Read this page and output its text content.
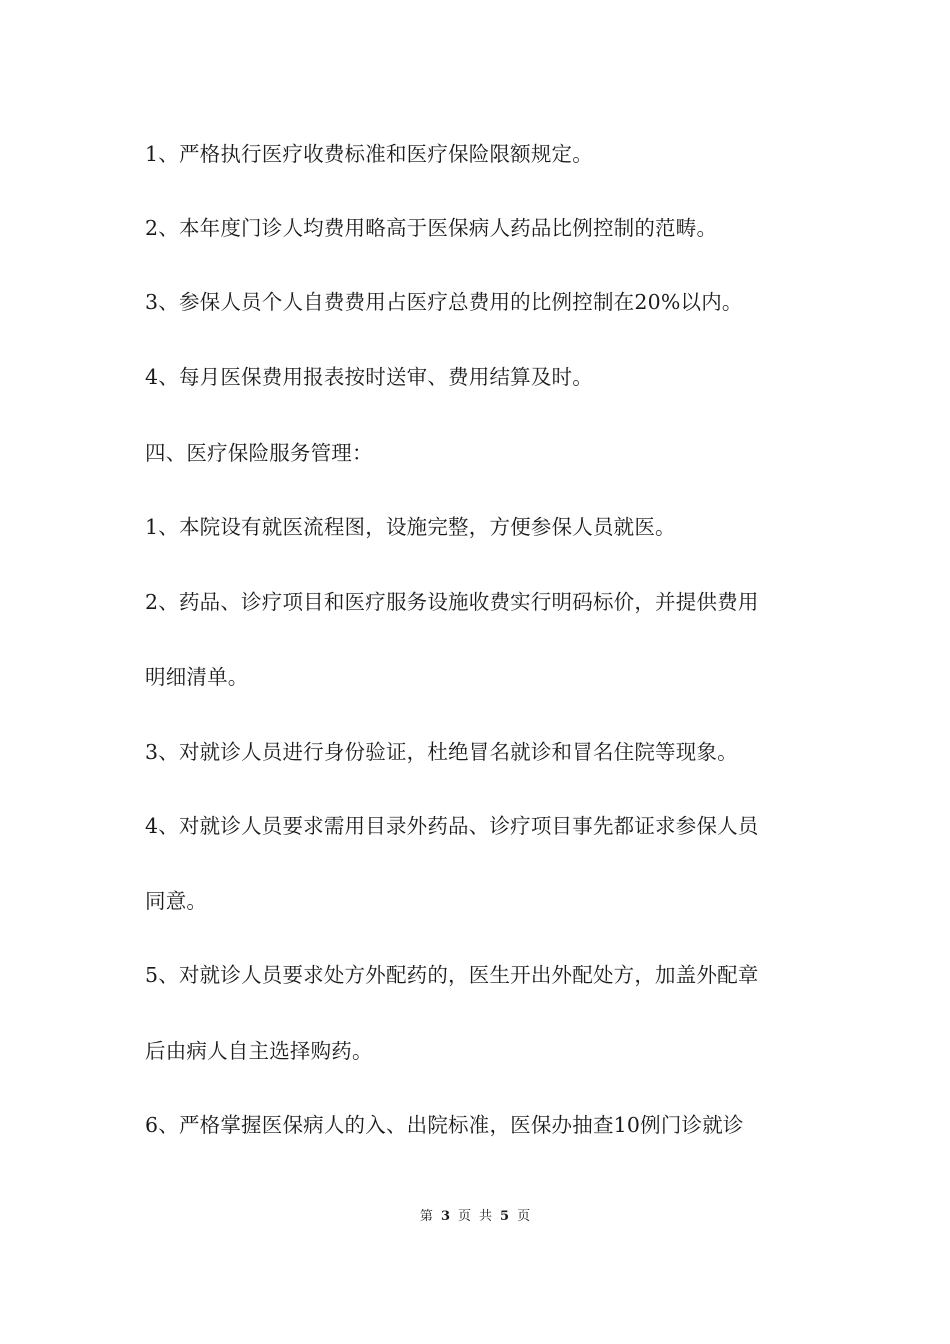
1、严格执行医疗收费标准和医疗保险限额规定。
2、本年度门诊人均费用略高于医保病人药品比例控制的范畴。
3、参保人员个人自费费用占医疗总费用的比例控制在20%以内。
4、每月医保费用报表按时送审、费用结算及时。
四、医疗保险服务管理：
1、本院设有就医流程图，设施完整，方便参保人员就医。
2、药品、诊疗项目和医疗服务设施收费实行明码标价，并提供费用
明细清单。
3、对就诊人员进行身份验证，杜绝冒名就诊和冒名住院等现象。
4、对就诊人员要求需用目录外药品、诊疗项目事先都证求参保人员
同意。
5、对就诊人员要求处方外配药的，医生开出外配处方，加盖外配章
后由病人自主选择购药。
6、严格掌握医保病人的入、出院标准，医保办抽查10例门诊就诊
第 3 页 共 5 页
